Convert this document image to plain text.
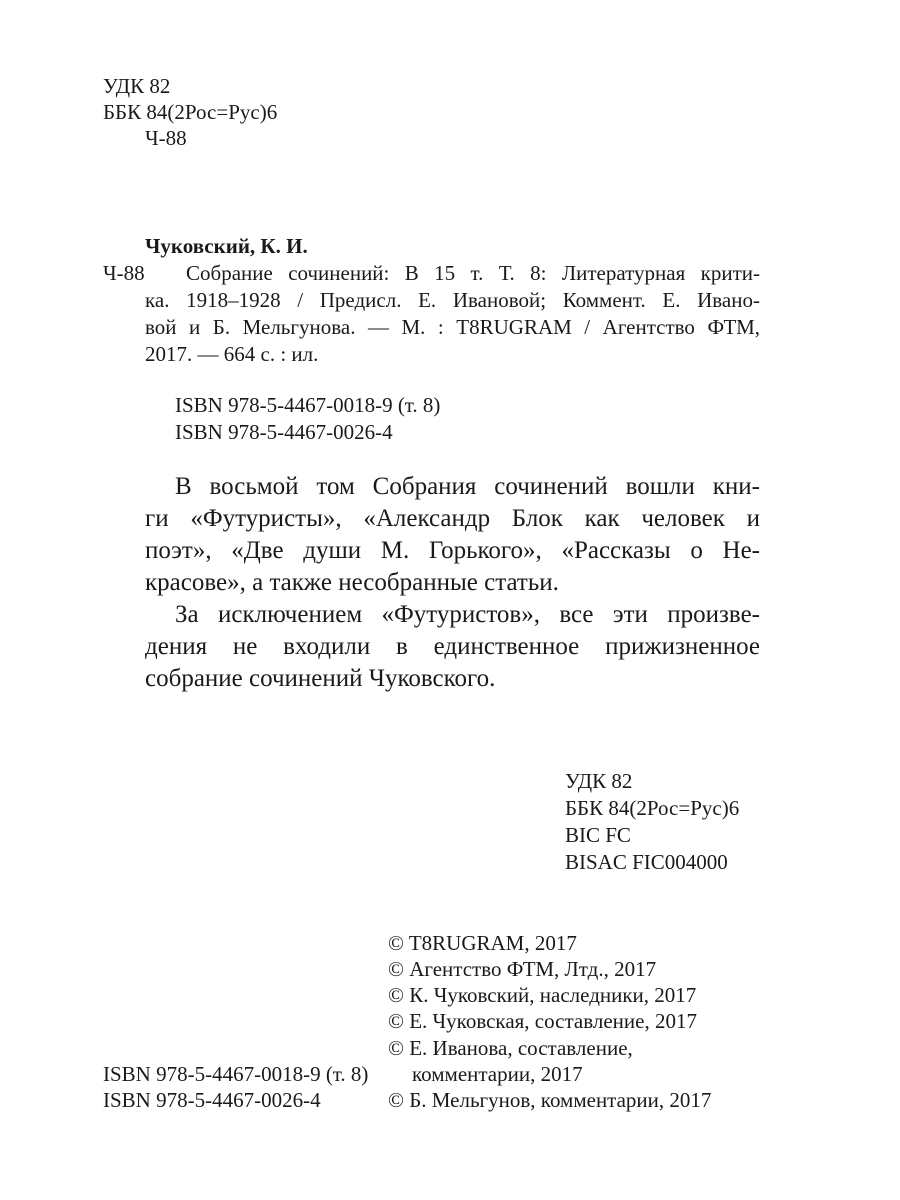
УДК 82
ББК 84(2Рос=Рус)6
Ч-88
Чуковский, К. И.
Ч-88 Собрание сочинений: В 15 т. Т. 8: Литературная крити-
ка. 1918–1928 / Предисл. Е. Ивановой; Коммент. Е. Ивано-
вой и Б. Мельгунова. — М. : T8RUGRAM / Агентство ФТМ,
2017. — 664 с. : ил.
ISBN 978-5-4467-0018-9 (т. 8)
ISBN 978-5-4467-0026-4
В восьмой том Собрания сочинений вошли кни-
ги «Футуристы», «Александр Блок как человек и
поэт», «Две души М. Горького», «Рассказы о Не-
красове», а также несобранные статьи.
За исключением «Футуристов», все эти произве-
дения не входили в единственное прижизненное
собрание сочинений Чуковского.
УДК 82
ББК 84(2Рос=Рус)6
BIC FC
BISAC FIC004000
© T8RUGRAM, 2017
© Агентство ФТМ, Лтд., 2017
© К. Чуковский, наследники, 2017
© Е. Чуковская, составление, 2017
© Е. Иванова, составление,
комментарии, 2017
© Б. Мельгунов, комментарии, 2017
ISBN 978-5-4467-0018-9 (т. 8)
ISBN 978-5-4467-0026-4
